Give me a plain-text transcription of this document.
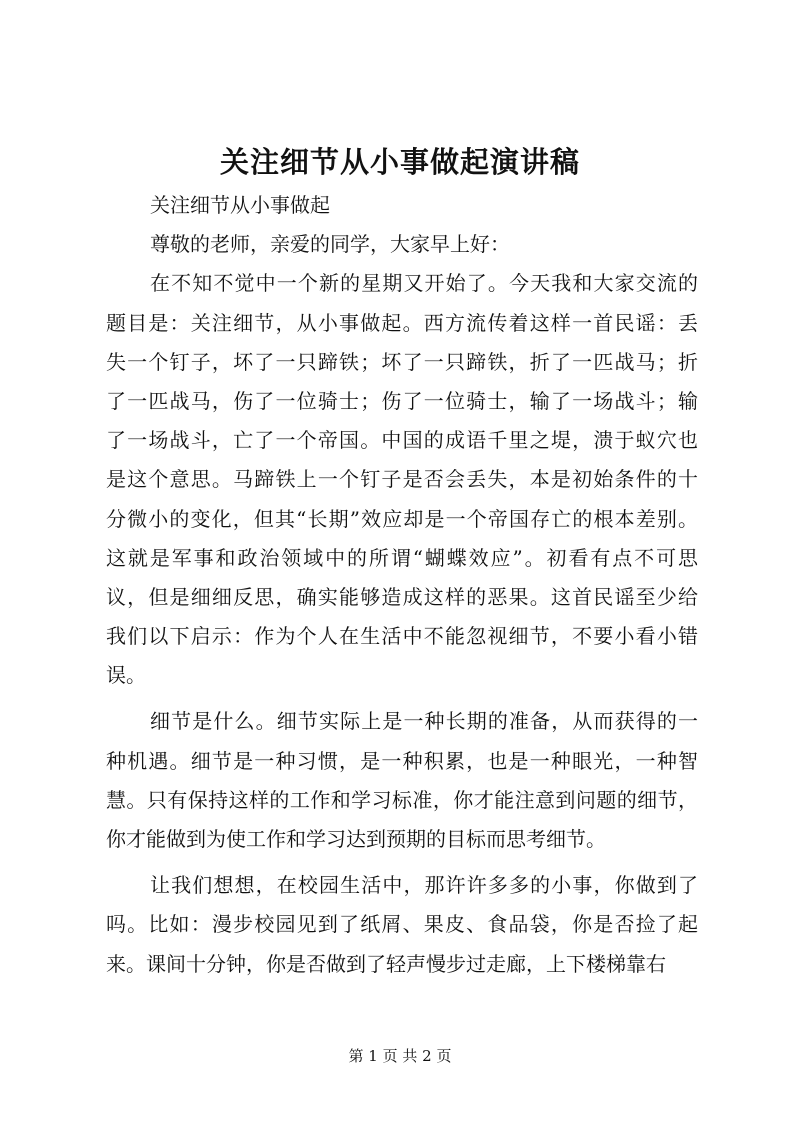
关注细节从小事做起演讲稿
关注细节从小事做起
尊敬的老师，亲爱的同学，大家早上好：
在不知不觉中一个新的星期又开始了。今天我和大家交流的
题目是：关注细节，从小事做起。西方流传着这样一首民谣：丢
失一个钉子，坏了一只蹄铁；坏了一只蹄铁，折了一匹战马；折
了一匹战马，伤了一位骑士；伤了一位骑士，输了一场战斗；输
了一场战斗，亡了一个帝国。中国的成语千里之堤，溃于蚁穴也
是这个意思。马蹄铁上一个钉子是否会丢失，本是初始条件的十
分微小的变化，但其“长期”效应却是一个帝国存亡的根本差别。
这就是军事和政治领域中的所谓“蝴蝶效应”。初看有点不可思
议，但是细细反思，确实能够造成这样的恶果。这首民谣至少给
我们以下启示：作为个人在生活中不能忽视细节，不要小看小错
误。
细节是什么。细节实际上是一种长期的准备，从而获得的一
种机遇。细节是一种习惯，是一种积累，也是一种眼光，一种智
慧。只有保持这样的工作和学习标准，你才能注意到问题的细节，
你才能做到为使工作和学习达到预期的目标而思考细节。
让我们想想，在校园生活中，那许许多多的小事，你做到了
吗。比如：漫步校园见到了纸屑、果皮、食品袋，你是否捡了起
来。课间十分钟，你是否做到了轻声慢步过走廊，上下楼梯靠右
第 1 页 共 2 页
